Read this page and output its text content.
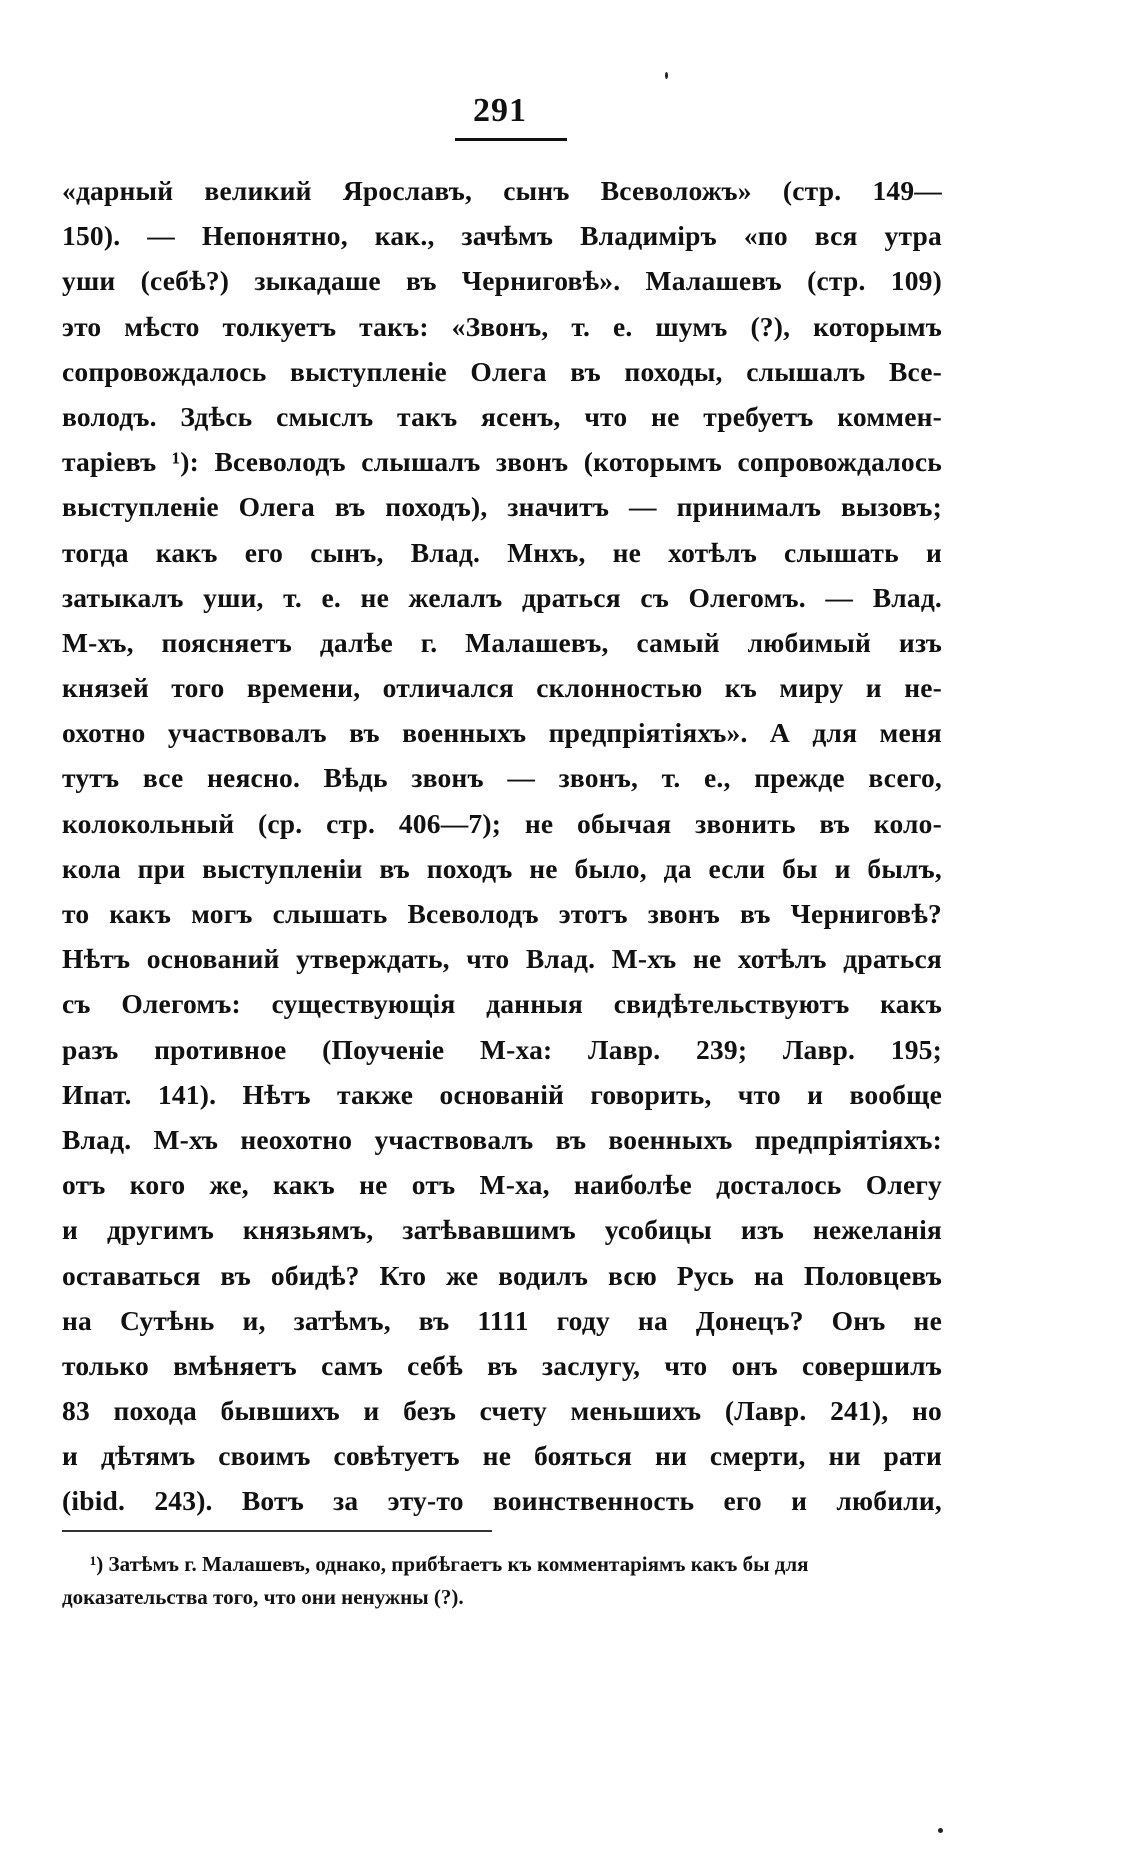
291
«дарный великий Ярославъ, сынъ Всеволожъ» (стр. 149—
150). — Непонятно, как., зачѣмъ Владимiръ «по вся утра
уши (себѣ?) зыкадаше въ Черниговѣ». Малашевъ (стр. 109)
это мѣсто толкуетъ такъ: «Звонъ, т. е. шумъ (?), которымъ
сопровождалось выступленiе Олега въ походы, слышалъ Все-
володъ. Здѣсь смыслъ такъ ясенъ, что не требуетъ коммен-
тарiевъ ¹): Всеволодъ слышалъ звонъ (которымъ сопровождалось
выступленiе Олега въ походъ), значитъ — принималъ вызовъ;
тогда какъ его сынъ, Влад. Мнхъ, не хотѣлъ слышать и
затыкалъ уши, т. е. не желалъ драться съ Олегомъ. — Влад.
М-хъ, поясняетъ далѣе г. Малашевъ, самый любимый изъ
князей того времени, отличался склонностью къ миру и не-
охотно участвовалъ въ военныхъ предпрiятiяхъ». А для меня
тутъ все неясно. Вѣдь звонъ — звонъ, т. е., прежде всего,
колокольный (ср. стр. 406—7); не обычая звонить въ коло-
кола при выступленiи въ походъ не было, да если бы и былъ,
то какъ могъ слышать Всеволодъ этотъ звонъ въ Черниговѣ?
Нѣтъ оснований утверждать, что Влад. М-хъ не хотѣлъ драться
съ Олегомъ: существующiя данныя свидѣтельствуютъ какъ
разъ противное (Поученiе М-ха: Лавр. 239; Лавр. 195;
Ипат. 141). Нѣтъ также основанiй говорить, что и вообще
Влад. М-хъ неохотно участвовалъ въ военныхъ предпрiятiяхъ:
отъ кого же, какъ не отъ М-ха, наиболѣе досталось Олегу
и другимъ князьямъ, затѣвавшимъ усобицы изъ нежеланiя
оставаться въ обидѣ? Кто же водилъ всю Русь на Половцевъ
на Сутѣнь и, затѣмъ, въ 1111 году на Донецъ? Онъ не
только вмѣняетъ самъ себѣ въ заслугу, что онъ совершилъ
83 похода бывшихъ и безъ счету меньшихъ (Лавр. 241), но
и дѣтямъ своимъ совѣтуетъ не бояться ни смерти, ни рати
(ibid. 243). Вотъ за эту-то воинственность его и любили,
¹) Затѣмъ г. Малашевъ, однако, прибѣгаетъ къ комментарiямъ какъ бы для
доказательства того, что они ненужны (?).
